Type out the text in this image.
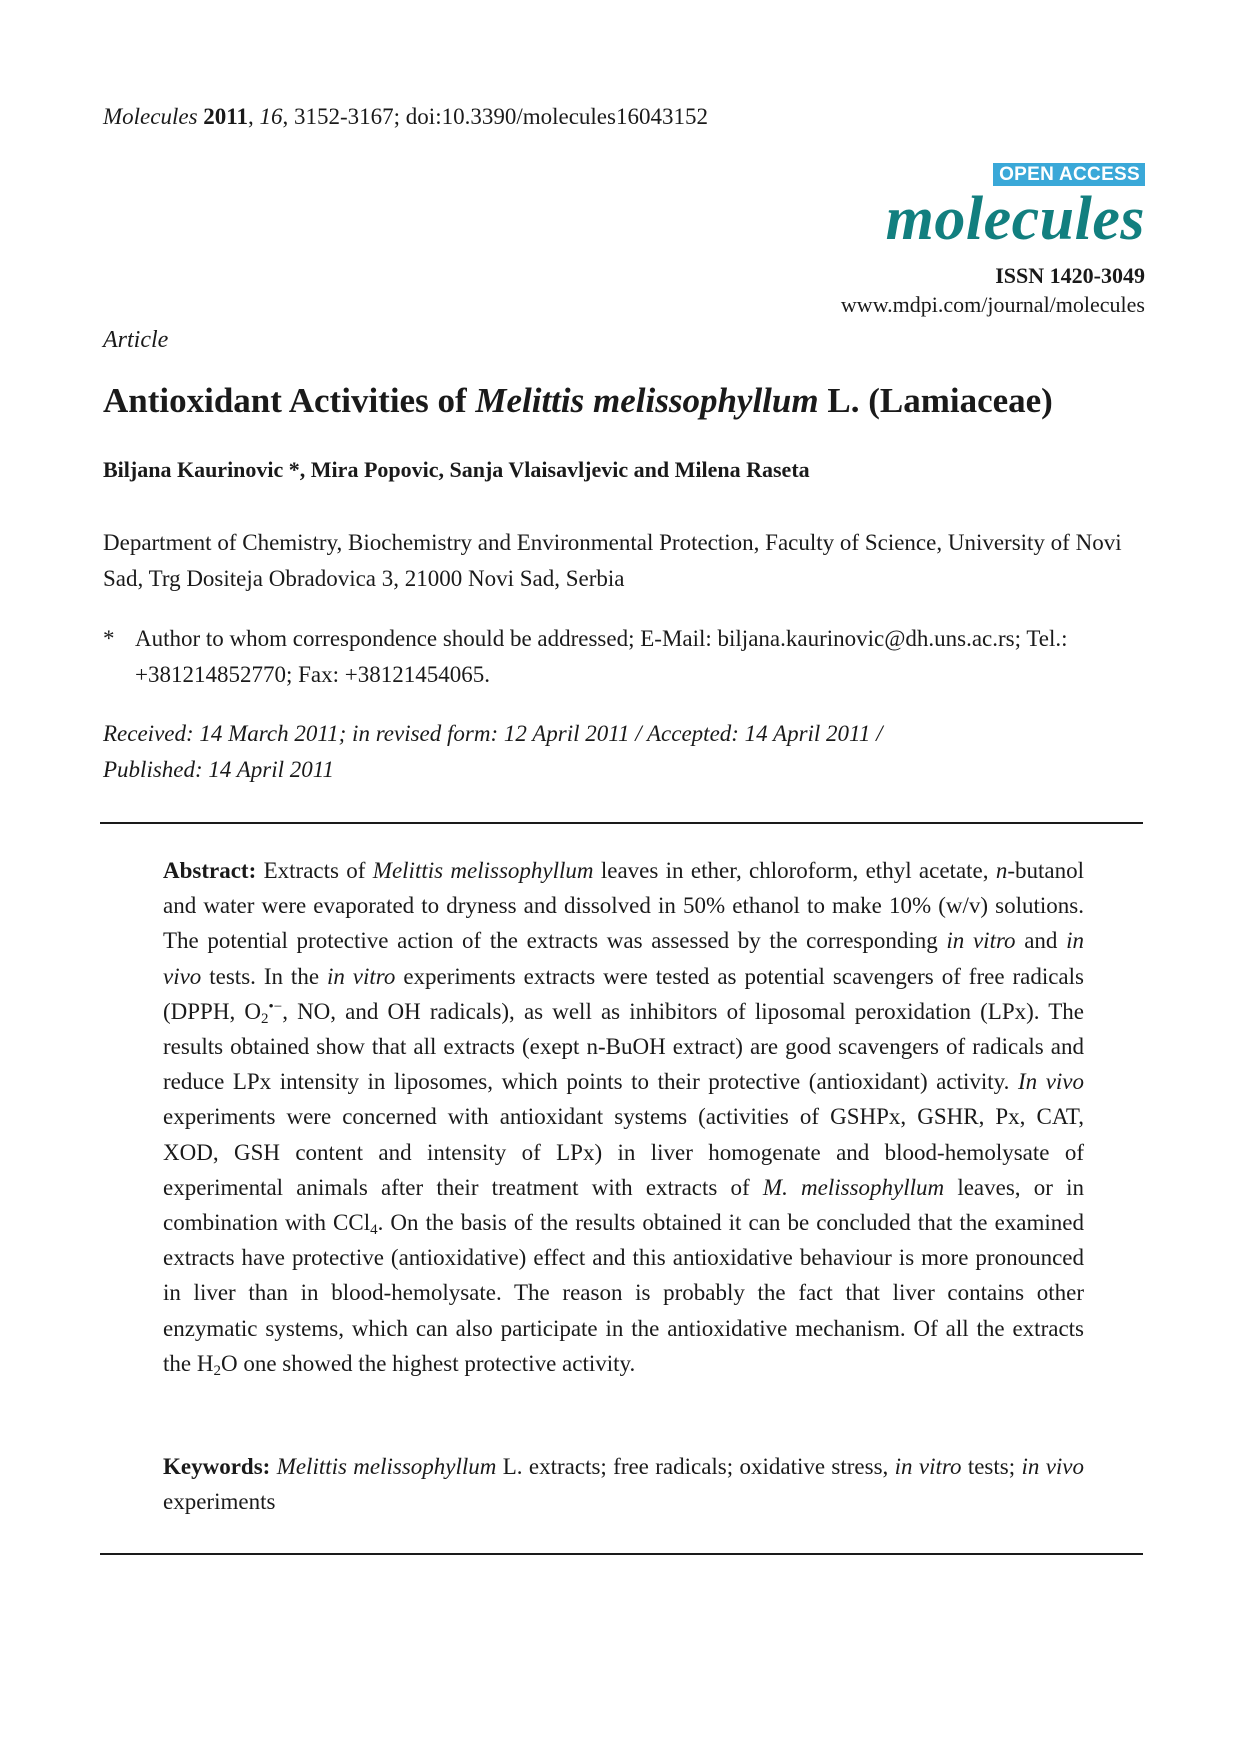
Molecules 2011, 16, 3152-3167; doi:10.3390/molecules16043152
OPEN ACCESS
molecules
ISSN 1420-3049
www.mdpi.com/journal/molecules
Article
Antioxidant Activities of Melittis melissophyllum L. (Lamiaceae)
Biljana Kaurinovic *, Mira Popovic, Sanja Vlaisavljevic and Milena Raseta
Department of Chemistry, Biochemistry and Environmental Protection, Faculty of Science, University of Novi Sad, Trg Dositeja Obradovica 3, 21000 Novi Sad, Serbia
* Author to whom correspondence should be addressed; E-Mail: biljana.kaurinovic@dh.uns.ac.rs; Tel.: +381214852770; Fax: +38121454065.
Received: 14 March 2011; in revised form: 12 April 2011 / Accepted: 14 April 2011 /
Published: 14 April 2011
Abstract: Extracts of Melittis melissophyllum leaves in ether, chloroform, ethyl acetate, n-butanol and water were evaporated to dryness and dissolved in 50% ethanol to make 10% (w/v) solutions. The potential protective action of the extracts was assessed by the corresponding in vitro and in vivo tests. In the in vitro experiments extracts were tested as potential scavengers of free radicals (DPPH, $O_2^{•-}$, NO, and OH radicals), as well as inhibitors of liposomal peroxidation (LPx). The results obtained show that all extracts (exept n-BuOH extract) are good scavengers of radicals and reduce LPx intensity in liposomes, which points to their protective (antioxidant) activity. In vivo experiments were concerned with antioxidant systems (activities of GSHPx, GSHR, Px, CAT, XOD, GSH content and intensity of LPx) in liver homogenate and blood-hemolysate of experimental animals after their treatment with extracts of M. melissophyllum leaves, or in combination with CCl$_4$. On the basis of the results obtained it can be concluded that the examined extracts have protective (antioxidative) effect and this antioxidative behaviour is more pronounced in liver than in blood-hemolysate. The reason is probably the fact that liver contains other enzymatic systems, which can also participate in the antioxidative mechanism. Of all the extracts the $H_2O$ one showed the highest protective activity.
Keywords: Melittis melissophyllum L. extracts; free radicals; oxidative stress, in vitro tests; in vivo experiments
